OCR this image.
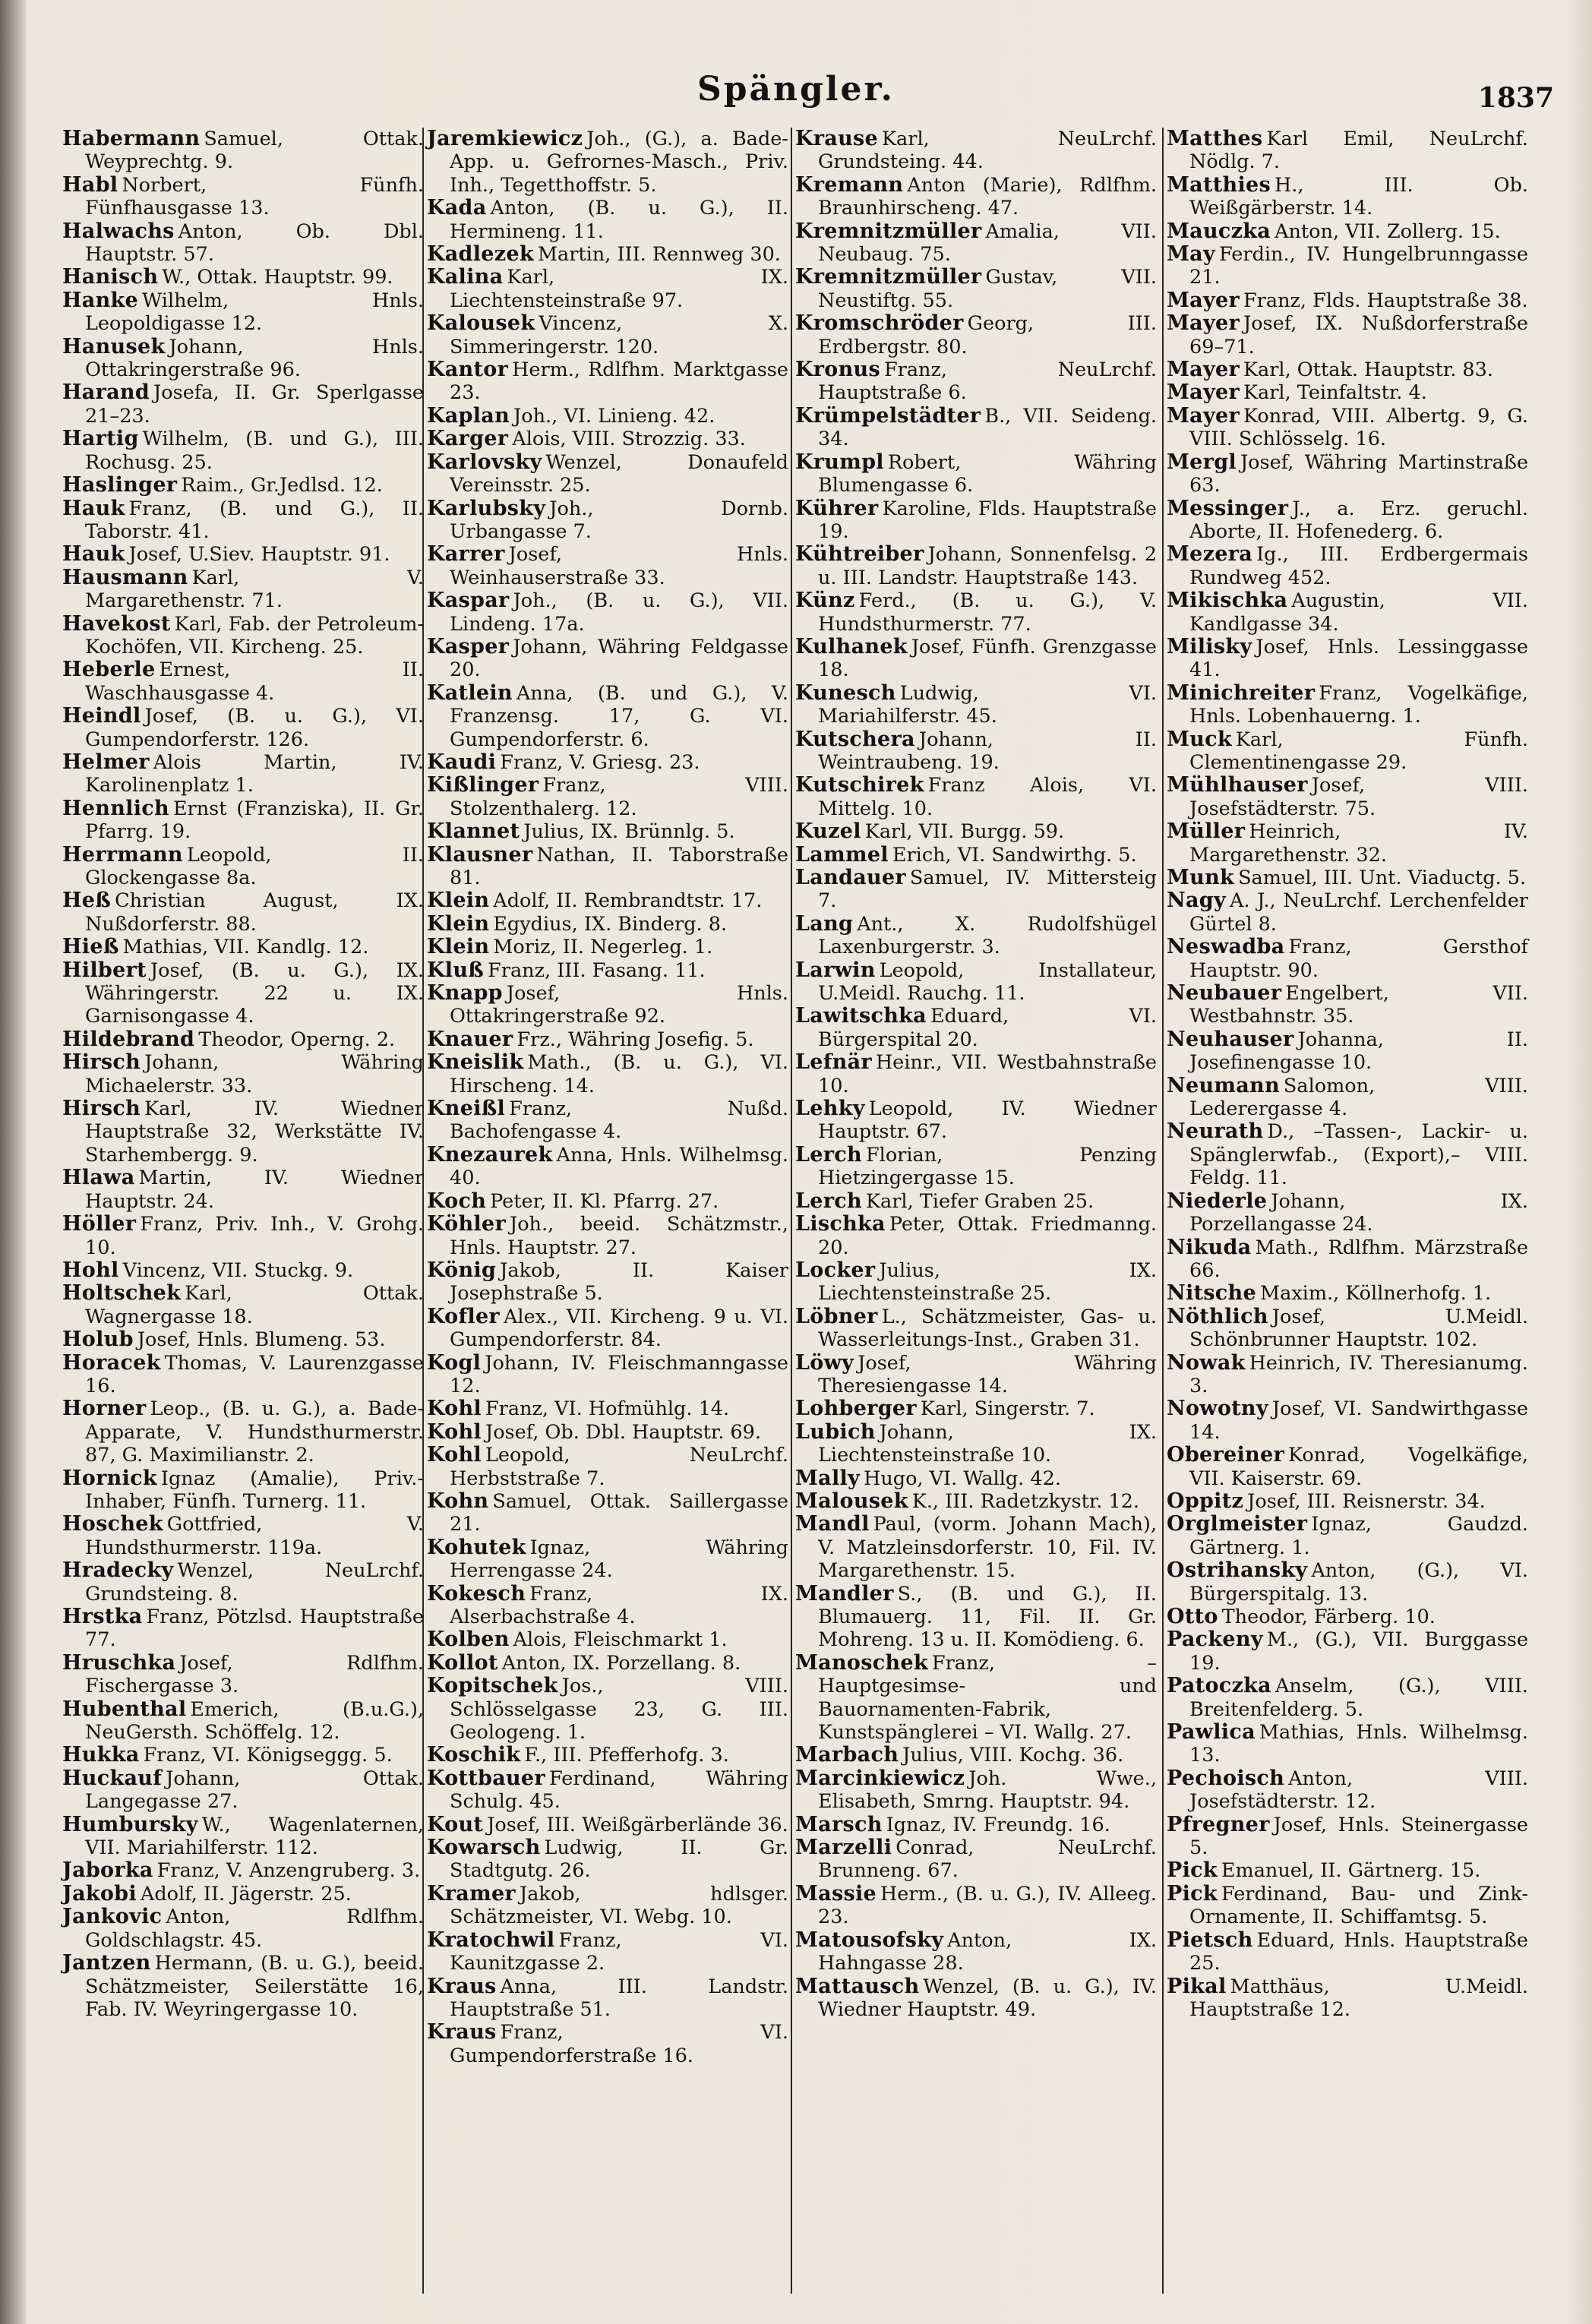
Spängler.	1837

Habermann Samuel, Ottak. Weyprechtg. 9.

Habl Norbert, Fünfh. Fünfhausgasse 13.

Halwachs Anton, Ob. Dbl. Hauptstr. 57.

Hanisch W., Ottak. Hauptstr. 99.

Hanke Wilhelm, Hnls. Leopoldigasse 12.

Hanusek Johann, Hnls. Ottakringerstraße 96.

Harand Josefa, II. Gr. Sperlgasse 21–23.

Hartig Wilhelm, (B. und G.), III. Rochusg. 25.

Haslinger Raim., Gr.Jedlsd. 12.

Hauk Franz, (B. und G.), II. Taborstr. 41.

Hauk Josef, U.Siev. Hauptstr. 91.

Hausmann Karl, V. Margarethenstr. 71.

Havekost Karl, Fab. der Petroleum-Kochöfen, VII. Kircheng. 25.

Heberle Ernest, II. Waschhausgasse 4.

Heindl Josef, (B. u. G.), VI. Gumpendorferstr. 126.

Helmer Alois Martin, IV. Karolinenplatz 1.

Hennlich Ernst (Franziska), II. Gr. Pfarrg. 19.

Herrmann Leopold, II. Glockengasse 8a.

Heß Christian August, IX. Nußdorferstr. 88.

Hieß Mathias, VII. Kandlg. 12.

Hilbert Josef, (B. u. G.), IX. Währingerstr. 22 u. IX. Garnisongasse 4.

Hildebrand Theodor, Operng. 2.

Hirsch Johann, Währing Michaelerstr. 33.

Hirsch Karl, IV. Wiedner Hauptstraße 32, Werkstätte IV. Starhembergg. 9.

Hlawa Martin, IV. Wiedner Hauptstr. 24.

Höller Franz, Priv. Inh., V. Grohg. 10.

Hohl Vincenz, VII. Stuckg. 9.

Holtschek Karl, Ottak. Wagnergasse 18.

Holub Josef, Hnls. Blumeng. 53.

Horacek Thomas, V. Laurenzgasse 16.

Horner Leop., (B. u. G.), a. Bade-Apparate, V. Hundsthurmerstr. 87, G. Maximilianstr. 2.

Hornick Ignaz (Amalie), Priv.-Inhaber, Fünfh. Turnerg. 11.

Hoschek Gottfried, V. Hundsthurmerstr. 119a.

Hradecky Wenzel, NeuLrchf. Grundsteing. 8.

Hrstka Franz, Pötzlsd. Hauptstraße 77.

Hruschka Josef, Rdlfhm. Fischergasse 3.

Hubenthal Emerich, (B.u.G.), NeuGersth. Schöffelg. 12.

Hukka Franz, VI. Königseggg. 5.

Huckauf Johann, Ottak. Langegasse 27.

Humbursky W., Wagenlaternen, VII. Mariahilferstr. 112.

Jaborka Franz, V. Anzengruberg. 3.

Jakobi Adolf, II. Jägerstr. 25.

Jankovic Anton, Rdlfhm. Goldschlagstr. 45.

Jantzen Hermann, (B. u. G.), beeid. Schätzmeister, Seilerstätte 16, Fab. IV. Weyringergasse 10.

Jaremkiewicz Joh., (G.), a. Bade-App. u. Gefrornes-Masch., Priv. Inh., Tegetthoffstr. 5.

Kada Anton, (B. u. G.), II. Hermineng. 11.

Kadlezek Martin, III. Rennweg 30.

Kalina Karl, IX. Liechtensteinstraße 97.

Kalousek Vincenz, X. Simmeringerstr. 120.

Kantor Herm., Rdlfhm. Marktgasse 23.

Kaplan Joh., VI. Linieng. 42.

Karger Alois, VIII. Strozzig. 33.

Karlovsky Wenzel, Donaufeld Vereinsstr. 25.

Karlubsky Joh., Dornb. Urbangasse 7.

Karrer Josef, Hnls. Weinhauserstraße 33.

Kaspar Joh., (B. u. G.), VII. Lindeng. 17a.

Kasper Johann, Währing Feldgasse 20.

Katlein Anna, (B. und G.), V. Franzensg. 17, G. VI. Gumpendorferstr. 6.

Kaudi Franz, V. Griesg. 23.

Kißlinger Franz, VIII. Stolzenthalerg. 12.

Klannet Julius, IX. Brünnlg. 5.

Klausner Nathan, II. Taborstraße 81.

Klein Adolf, II. Rembrandtstr. 17.

Klein Egydius, IX. Binderg. 8.

Klein Moriz, II. Negerleg. 1.

Kluß Franz, III. Fasang. 11.

Knapp Josef, Hnls. Ottakringerstraße 92.

Knauer Frz., Währing Josefig. 5.

Kneislik Math., (B. u. G.), VI. Hirscheng. 14.

Kneißl Franz, Nußd. Bachofengasse 4.

Knezaurek Anna, Hnls. Wilhelmsg. 40.

Koch Peter, II. Kl. Pfarrg. 27.

Köhler Joh., beeid. Schätzmstr., Hnls. Hauptstr. 27.

König Jakob, II. Kaiser Josephstraße 5.

Kofler Alex., VII. Kircheng. 9 u. VI. Gumpendorferstr. 84.

Kogl Johann, IV. Fleischmanngasse 12.

Kohl Franz, VI. Hofmühlg. 14.

Kohl Josef, Ob. Dbl. Hauptstr. 69.

Kohl Leopold, NeuLrchf. Herbststraße 7.

Kohn Samuel, Ottak. Saillergasse 21.

Kohutek Ignaz, Währing Herrengasse 24.

Kokesch Franz, IX. Alserbachstraße 4.

Kolben Alois, Fleischmarkt 1.

Kollot Anton, IX. Porzellang. 8.

Kopitschek Jos., VIII. Schlösselgasse 23, G. III. Geologeng. 1.

Koschik F., III. Pfefferhofg. 3.

Kottbauer Ferdinand, Währing Schulg. 45.

Kout Josef, III. Weißgärberlände 36.

Kowarsch Ludwig, II. Gr. Stadtgutg. 26.

Kramer Jakob, hdlsger. Schätzmeister, VI. Webg. 10.

Kratochwil Franz, VI. Kaunitzgasse 2.

Kraus Anna, III. Landstr. Hauptstraße 51.

Kraus Franz, VI. Gumpendorferstraße 16.

Krause Karl, NeuLrchf. Grundsteing. 44.

Kremann Anton (Marie), Rdlfhm. Braunhirscheng. 47.

Kremnitzmüller Amalia, VII. Neubaug. 75.

Kremnitzmüller Gustav, VII. Neustiftg. 55.

Kromschröder Georg, III. Erdbergstr. 80.

Kronus Franz, NeuLrchf. Hauptstraße 6.

Krümpelstädter B., VII. Seideng. 34.

Krumpl Robert, Währing Blumengasse 6.

Kührer Karoline, Flds. Hauptstraße 19.

Kühtreiber Johann, Sonnenfelsg. 2 u. III. Landstr. Hauptstraße 143.

Künz Ferd., (B. u. G.), V. Hundsthurmerstr. 77.

Kulhanek Josef, Fünfh. Grenzgasse 18.

Kunesch Ludwig, VI. Mariahilferstr. 45.

Kutschera Johann, II. Weintraubeng. 19.

Kutschirek Franz Alois, VI. Mittelg. 10.

Kuzel Karl, VII. Burgg. 59.

Lammel Erich, VI. Sandwirthg. 5.

Landauer Samuel, IV. Mittersteig 7.

Lang Ant., X. Rudolfshügel Laxenburgerstr. 3.

Larwin Leopold, Installateur, U.Meidl. Rauchg. 11.

Lawitschka Eduard, VI. Bürgerspital 20.

Lefnär Heinr., VII. Westbahnstraße 10.

Lehky Leopold, IV. Wiedner Hauptstr. 67.

Lerch Florian, Penzing Hietzingergasse 15.

Lerch Karl, Tiefer Graben 25.

Lischka Peter, Ottak. Friedmanng. 20.

Locker Julius, IX. Liechtensteinstraße 25.

Löbner L., Schätzmeister, Gas- u. Wasserleitungs-Inst., Graben 31.

Löwy Josef, Währing Theresiengasse 14.

Lohberger Karl, Singerstr. 7.

Lubich Johann, IX. Liechtensteinstraße 10.

Mally Hugo, VI. Wallg. 42.

Malousek K., III. Radetzkystr. 12.

Mandl Paul, (vorm. Johann Mach), V. Matzleinsdorferstr. 10, Fil. IV. Margarethenstr. 15.

Mandler S., (B. und G.), II. Blumauerg. 11, Fil. II. Gr. Mohreng. 13 u. II. Komödieng. 6.

Manoschek Franz, –Hauptgesimse- und Bauornamenten-Fabrik, Kunstspänglerei – VI. Wallg. 27.

Marbach Julius, VIII. Kochg. 36.

Marcinkiewicz Joh. Wwe., Elisabeth, Smrng. Hauptstr. 94.

Marsch Ignaz, IV. Freundg. 16.

Marzelli Conrad, NeuLrchf. Brunneng. 67.

Massie Herm., (B. u. G.), IV. Alleeg. 23.

Matousofsky Anton, IX. Hahngasse 28.

Mattausch Wenzel, (B. u. G.), IV. Wiedner Hauptstr. 49.

Matthes Karl Emil, NeuLrchf. Nödlg. 7.

Matthies H., III. Ob. Weißgärberstr. 14.

Mauczka Anton, VII. Zollerg. 15.

May Ferdin., IV. Hungelbrunngasse 21.

Mayer Franz, Flds. Hauptstraße 38.

Mayer Josef, IX. Nußdorferstraße 69–71.

Mayer Karl, Ottak. Hauptstr. 83.

Mayer Karl, Teinfaltstr. 4.

Mayer Konrad, VIII. Albertg. 9, G. VIII. Schlösselg. 16.

Mergl Josef, Währing Martinstraße 63.

Messinger J., a. Erz. geruchl. Aborte, II. Hofenederg. 6.

Mezera Ig., III. Erdbergermais Rundweg 452.

Mikischka Augustin, VII. Kandlgasse 34.

Milisky Josef, Hnls. Lessinggasse 41.

Minichreiter Franz, Vogelkäfige, Hnls. Lobenhauerng. 1.

Muck Karl, Fünfh. Clementinengasse 29.

Mühlhauser Josef, VIII. Josefstädterstr. 75.

Müller Heinrich, IV. Margarethenstr. 32.

Munk Samuel, III. Unt. Viaductg. 5.

Nagy A. J., NeuLrchf. Lerchenfelder Gürtel 8.

Neswadba Franz, Gersthof Hauptstr. 90.

Neubauer Engelbert, VII. Westbahnstr. 35.

Neuhauser Johanna, II. Josefinengasse 10.

Neumann Salomon, VIII. Lederergasse 4.

Neurath D., –Tassen-, Lackir- u. Spänglerwfab., (Export),– VIII. Feldg. 11.

Niederle Johann, IX. Porzellangasse 24.

Nikuda Math., Rdlfhm. Märzstraße 66.

Nitsche Maxim., Köllnerhofg. 1.

Nöthlich Josef, U.Meidl. Schönbrunner Hauptstr. 102.

Nowak Heinrich, IV. Theresianumg. 3.

Nowotny Josef, VI. Sandwirthgasse 14.

Obereiner Konrad, Vogelkäfige, VII. Kaiserstr. 69.

Oppitz Josef, III. Reisnerstr. 34.

Orglmeister Ignaz, Gaudzd. Gärtnerg. 1.

Ostrihansky Anton, (G.), VI. Bürgerspitalg. 13.

Otto Theodor, Färberg. 10.

Packeny M., (G.), VII. Burggasse 19.

Patoczka Anselm, (G.), VIII. Breitenfelderg. 5.

Pawlica Mathias, Hnls. Wilhelmsg. 13.

Pechoisch Anton, VIII. Josefstädterstr. 12.

Pfregner Josef, Hnls. Steinergasse 5.

Pick Emanuel, II. Gärtnerg. 15.

Pick Ferdinand, Bau- und Zink-Ornamente, II. Schiffamtsg. 5.

Pietsch Eduard, Hnls. Hauptstraße 25.

Pikal Matthäus, U.Meidl. Hauptstraße 12.
